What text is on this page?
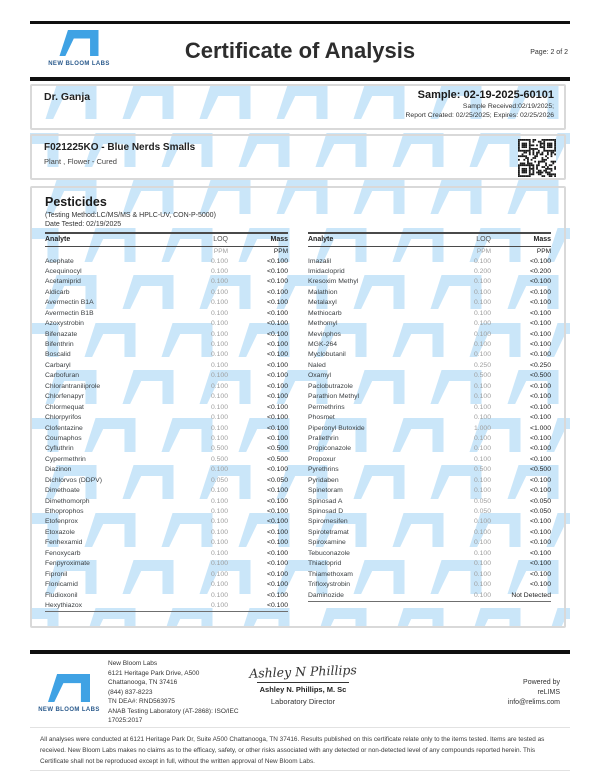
NEW BLOOM LABS
Certificate of Analysis	Page: 2 of 2
Dr. Ganja	Sample: 02-19-2025-60101
Sample Received:02/19/2025;
Report Created: 02/25/2025; Expires: 02/25/2026
F021225KO - Blue Nerds Smalls
Plant , Flower - Cured
Pesticides
(Testing Method:LC/MS/MS & HPLC-UV, CON-P-5000)
Date Tested: 02/19/2025
Analyte	LOQ	Mass
PPM	PPM
Acephate	0.100	<0.100
Acequinocyl	0.100	<0.100
Acetamiprid	0.100	<0.100
Aldicarb	0.100	<0.100
Avermectin B1A	0.100	<0.100
Avermectin B1B	0.100	<0.100
Azoxystrobin	0.100	<0.100
Bifenazate	0.100	<0.100
Bifenthrin	0.100	<0.100
Boscalid	0.100	<0.100
Carbaryl	0.100	<0.100
Carbofuran	0.100	<0.100
Chlorantraniliprole	0.100	<0.100
Chlorfenapyr	0.100	<0.100
Chlormequat	0.100	<0.100
Chlorpyrifos	0.100	<0.100
Clofentazine	0.100	<0.100
Coumaphos	0.100	<0.100
Cyfluthrin	0.500	<0.500
Cypermethrin	0.500	<0.500
Diazinon	0.100	<0.100
Dichlorvos (DDPV)	0.050	<0.050
Dimethoate	0.100	<0.100
Dimethomorph	0.100	<0.100
Ethoprophos	0.100	<0.100
Etofenprox	0.100	<0.100
Etoxazole	0.100	<0.100
Fenhexamid	0.100	<0.100
Fenoxycarb	0.100	<0.100
Fenpyroximate	0.100	<0.100
Fipronil	0.100	<0.100
Flonicamid	0.100	<0.100
Fludioxonil	0.100	<0.100
Hexythiazox	0.100	<0.100
Analyte	LOQ	Mass
PPM	PPM
Imazalil	0.100	<0.100
Imidacloprid	0.200	<0.200
Kresoxim Methyl	0.100	<0.100
Malathion	0.100	<0.100
Metalaxyl	0.100	<0.100
Methiocarb	0.100	<0.100
Methomyl	0.100	<0.100
Mevinphos	0.100	<0.100
MGK-264	0.100	<0.100
Myclobutanil	0.100	<0.100
Naled	0.250	<0.250
Oxamyl	0.500	<0.500
Paclobutrazole	0.100	<0.100
Parathion Methyl	0.100	<0.100
Permethrins	0.100	<0.100
Phosmet	0.100	<0.100
Piperonyl Butoxide	1.000	<1.000
Prallethrin	0.100	<0.100
Propiconazole	0.100	<0.100
Propoxur	0.100	<0.100
Pyrethrins	0.500	<0.500
Pyridaben	0.100	<0.100
Spinetoram	0.100	<0.100
Spinosad A	0.050	<0.050
Spinosad D	0.050	<0.050
Spiromesifen	0.100	<0.100
Spirotetramat	0.100	<0.100
Spiroxamine	0.100	<0.100
Tebuconazole	0.100	<0.100
Thiacloprid	0.100	<0.100
Thiamethoxam	0.100	<0.100
Trifloxystrobin	0.100	<0.100
Daminozide	0.100	Not Detected
NEW BLOOM LABS
New Bloom Labs
6121 Heritage Park Drive, A500
Chattanooga, TN 37416
(844) 837-8223
TN DEA#: RND563975
ANAB Testing Laboratory (AT-2868): ISO/IEC
17025:2017
Ashley N Phillips
Ashley N. Phillips, M. Sc
Laboratory Director
Powered by
reLIMS
info@relims.com
All analyses were conducted at 6121 Heritage Park Dr, Suite A500 Chattanooga, TN 37416. Results published on this certificate relate only to the items tested. Items are tested as received. New Bloom Labs makes no claims as to the efficacy, safety, or other risks associated with any detected or non-detected level of any compounds reported herein. This Certificate shall not be reproduced except in full, without the written approval of New Bloom Labs.
